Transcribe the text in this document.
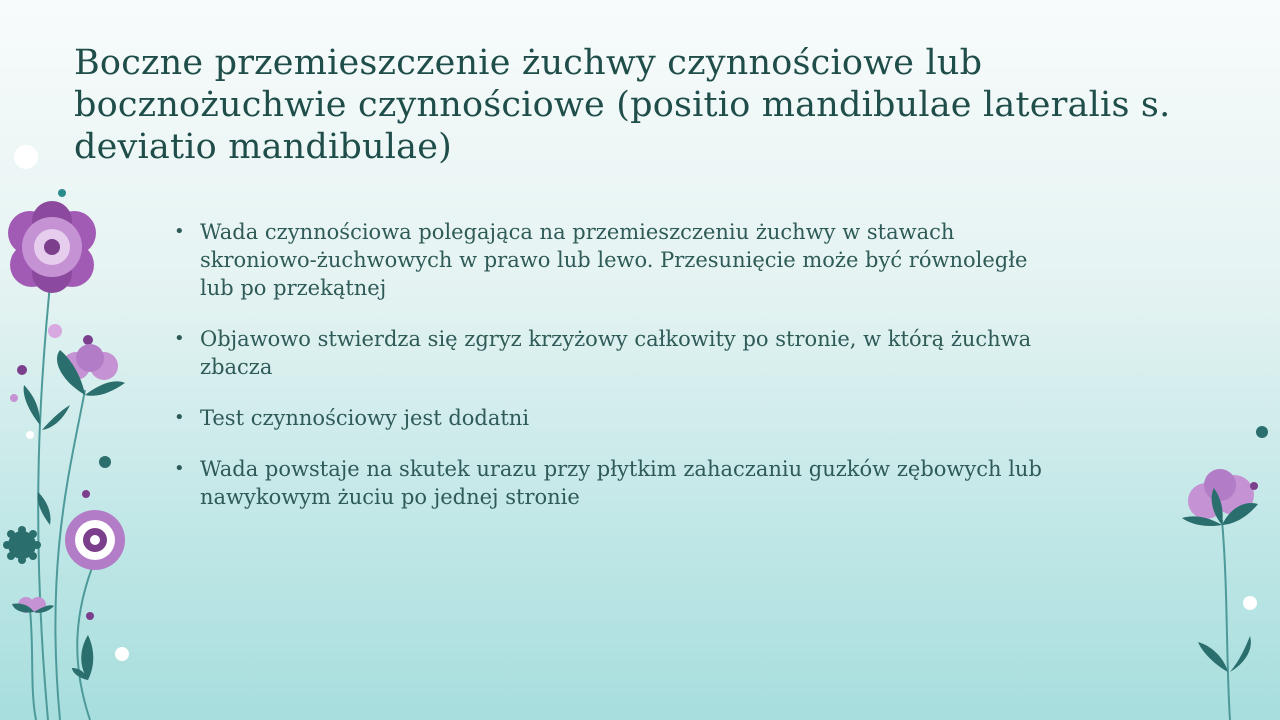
Boczne przemieszczenie żuchwy czynnościowe lub bocznożuchwie czynnościowe (positio mandibulae lateralis s. deviatio mandibulae)
• Wada czynnościowa polegająca na przemieszczeniu żuchwy w stawach skroniowo-żuchwowych w prawo lub lewo. Przesunięcie może być równoległe lub po przekątnej
• Objawowo stwierdza się zgryz krzyżowy całkowity po stronie, w którą żuchwa zbacza
• Test czynnościowy jest dodatni
• Wada powstaje na skutek urazu przy płytkim zahaczaniu guzków zębowych lub nawykowym żuciu po jednej stronie
